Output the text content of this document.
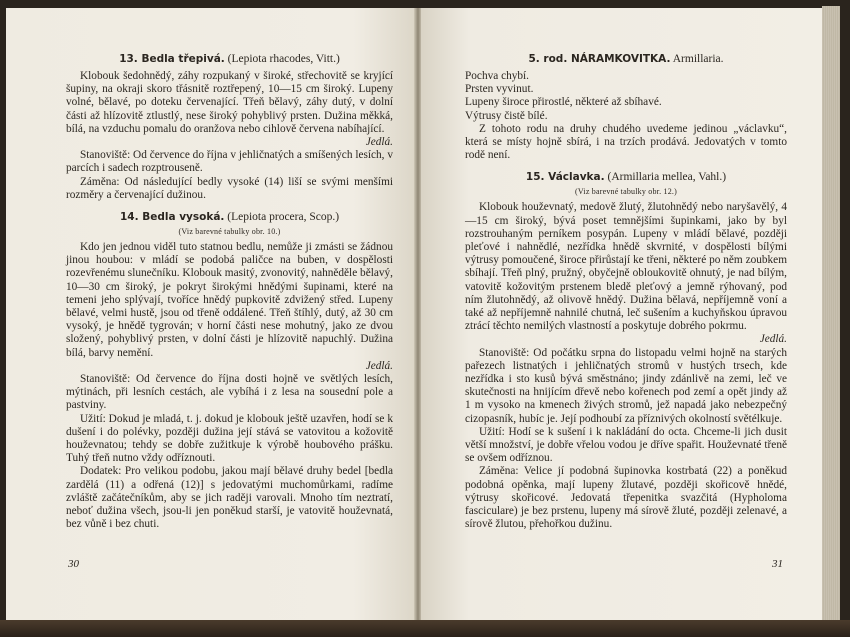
13. Bedla třepivá. (Lepiota rhacodes, Vitt.)

Klobouk šedohnědý, záhy rozpukaný v široké, střechovitě se kryjící šupiny, na okraji skoro třásnitě roztřepený, 10—15 cm široký. Lupeny volné, bělavé, po doteku červenající. Třeň bělavý, záhy dutý, v dolní části až hlízovitě ztlustlý, nese široký pohyblivý prsten. Dužina měkká, bílá, na vzduchu pomalu do oranžova nebo cihlově červena nabíhající.

Jedlá.

Stanoviště: Od července do října v jehličnatých a smíšených lesích, v parcích i sadech rozptrouseně.

Záměna: Od následující bedly vysoké (14) liší se svými menšími rozměry a červenající dužinou.

14. Bedla vysoká. (Lepiota procera, Scop.)
(Viz barevné tabulky obr. 10.)

Kdo jen jednou viděl tuto statnou bedlu, nemůže ji zmásti se žádnou jinou houbou: v mládí se podobá paličce na buben, v dospělosti rozevřenému slunečníku. Klobouk masitý, zvonovitý, nahněděle bělavý, 10—30 cm široký, je pokryt širokými hnědými šupinami, které na temeni jeho splývají, tvoříce hnědý pupkovitě zdvižený střed. Lupeny bělavé, velmi hustě, jsou od třeně oddálené. Třeň štíhlý, dutý, až 30 cm vysoký, je hnědě tygrován; v horní části nese mohutný, jako ze dvou složený, pohyblivý prsten, v dolní části je hlízovitě napuchlý. Dužina bílá, barvy nemění.

Jedlá.

Stanoviště: Od července do října dosti hojně ve světlých lesích, mýtinách, při lesních cestách, ale vybíhá i z lesa na sousední pole a pastviny.

Užití: Dokud je mladá, t. j. dokud je klobouk ještě uzavřen, hodí se k dušení i do polévky, později dužina její stává se vatovitou a kožovitě houževnatou; tehdy se dobře zužitkuje k výrobě houbového prášku. Tuhý třeň nutno vždy odříznouti.

Dodatek: Pro velikou podobu, jakou mají bělavé druhy bedel [bedla zardělá (11) a odřená (12)] s jedovatými muchomůrkami, radíme zvláště začátečníkům, aby se jich raději varovali. Mnoho tím neztratí, neboť dužina všech, jsou-li jen poněkud starší, je vatovitě houževnatá, bez vůně i bez chuti.

30
5. rod. NÁRAMKOVITKA. Armillaria.
Pochva chybí.
Prsten vyvinut.
Lupeny široce přirostlé, některé až sbíhavé.
Výtrusy čistě bílé.

Z tohoto rodu na druhy chudého uvedeme jedinou „václavku“, která se místy hojně sbírá, i na trzích prodává. Jedovatých v tomto rodě není.

15. Václavka. (Armillaria mellea, Vahl.)
(Viz barevné tabulky obr. 12.)

Klobouk houževnatý, medově žlutý, žlutohnědý nebo naryšavělý, 4—15 cm široký, bývá poset temnějšími šupinkami, jako by byl rozstrouhaným perníkem posypán. Lupeny v mládí bělavé, později pleťové i nahnědlé, nezřídka hnědě skvrnité, v dospělosti bílými výtrusy pomoučené, široce přirůstají ke třeni, některé po něm zoubkem sbíhají. Třeň plný, pružný, obyčejně obloukovitě ohnutý, je nad bílým, vatovitě kožovitým prstenem bledě pleťový a jemně rýhovaný, pod ním žlutohnědý, až olivově hnědý. Dužina bělavá, nepříjemně voní a také až nepříjemně nahnilé chutná, leč sušením a kuchyňskou úpravou ztrácí těchto nemilých vlastností a poskytuje dobrého pokrmu.

Jedlá.

Stanoviště: Od počátku srpna do listopadu velmi hojně na starých pařezech listnatých i jehličnatých stromů v hustých trsech, kde nezřídka i sto kusů bývá směstnáno; jindy zdánlivě na zemi, leč ve skutečnosti na hnijícím dřevě nebo kořenech pod zemí a opět jindy až 1 m vysoko na kmenech živých stromů, jež napadá jako nebezpečný cizopasník, hubíc je. Její podhoubí za příznivých okolností světélkuje.

Užití: Hodí se k sušení i k nakládání do octa. Chceme-li jich dusit větší množství, je dobře vřelou vodou je dříve spařit. Houževnaté třeně se ovšem odříznou.

Záměna: Velice jí podobná šupinovka kostrbatá (22) a poněkud podobná opěnka, mají lupeny žlutavé, později skořicově hnědé, výtrusy skořicové. Jedovatá třepenitka svazčitá (Hypholoma fasciculare) je bez prstenu, lupeny má sírově žluté, později zelenavé, a sírově žlutou, přehořkou dužinu.

31
